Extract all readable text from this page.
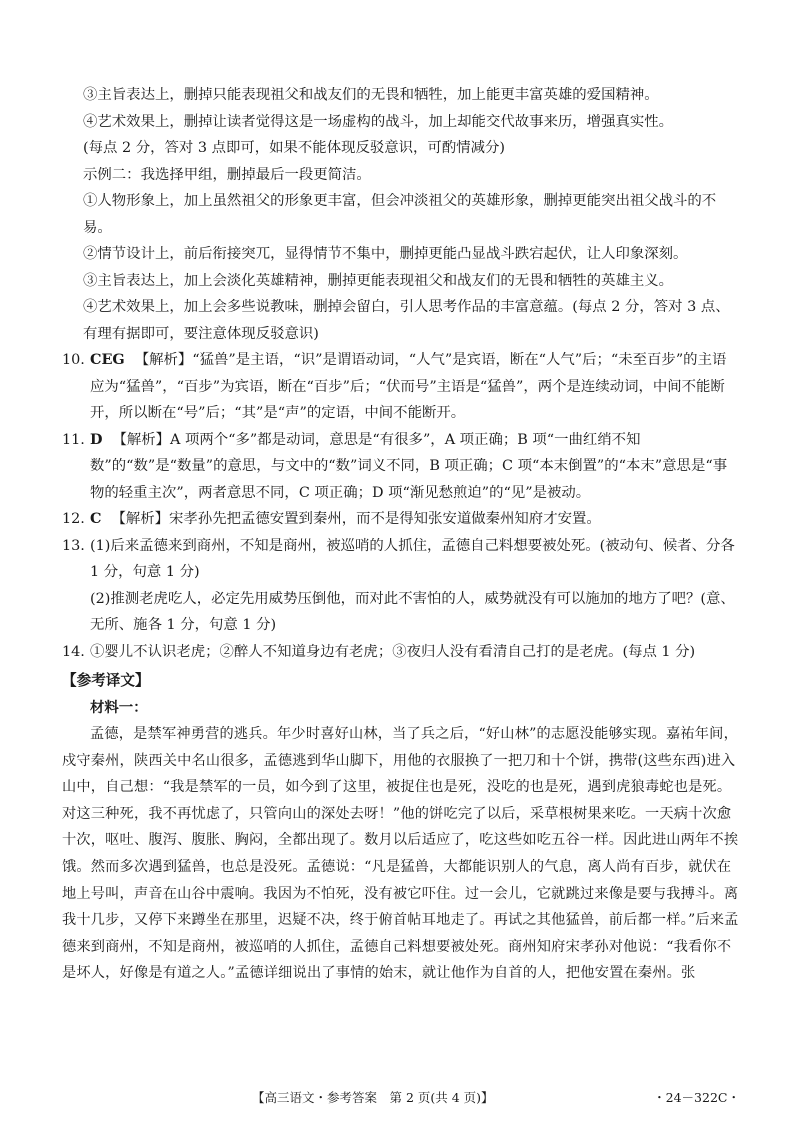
③主旨表达上，删掉只能表现祖父和战友们的无畏和牺牲，加上能更丰富英雄的爱国精神。

④艺术效果上，删掉让读者觉得这是一场虚构的战斗，加上却能交代故事来历，增强真实性。

(每点 2 分，答对 3 点即可，如果不能体现反驳意识，可酌情减分)

示例二：我选择甲组，删掉最后一段更简洁。

①人物形象上，加上虽然祖父的形象更丰富，但会冲淡祖父的英雄形象，删掉更能突出祖父战斗的不易。

②情节设计上，前后衔接突兀，显得情节不集中，删掉更能凸显战斗跌宕起伏，让人印象深刻。

③主旨表达上，加上会淡化英雄精神，删掉更能表现祖父和战友们的无畏和牺牲的英雄主义。

④艺术效果上，加上会多些说教味，删掉会留白，引人思考作品的丰富意蕴。(每点 2 分，答对 3 点、有理有据即可，要注意体现反驳意识)

10. CEG 【解析】“猛兽”是主语，“识”是谓语动词，“人气”是宾语，断在“人气”后；“未至百步”的主语应为“猛兽”，“百步”为宾语，断在“百步”后；“伏而号”主语是“猛兽”，两个是连续动词，中间不能断开，所以断在“号”后；“其”是“声”的定语，中间不能断开。
11. D 【解析】A 项两个“多”都是动词，意思是“有很多”，A 项正确；B 项“一曲红绡不知数”的“数”是“数量”的意思，与文中的“数”词义不同，B 项正确；C 项“本末倒置”的“本末”意思是“事物的轻重主次”，两者意思不同，C 项正确；D 项“渐见愁煎迫”的“见”是被动。
12. C 【解析】宋孝孙先把孟德安置到秦州，而不是得知张安道做秦州知府才安置。
13. (1)后来孟德来到商州，不知是商州，被巡哨的人抓住，孟德自己料想要被处死。(被动句、候者、分各 1 分，句意 1 分)

(2)推测老虎吃人，必定先用威势压倒他，而对此不害怕的人，威势就没有可以施加的地方了吧？(意、无所、施各 1 分，句意 1 分)

14. ①婴儿不认识老虎；②醉人不知道身边有老虎；③夜归人没有看清自己打的是老虎。(每点 1 分)
【参考译文】
材料一：

孟德，是禁军神勇营的逃兵。年少时喜好山林，当了兵之后，“好山林”的志愿没能够实现。嘉祐年间，戍守秦州，陕西关中名山很多，孟德逃到华山脚下，用他的衣服换了一把刀和十个饼，携带(这些东西)进入山中，自己想：“我是禁军的一员，如今到了这里，被捉住也是死，没吃的也是死，遇到虎狼毒蛇也是死。对这三种死，我不再忧虑了，只管向山的深处去呀！”他的饼吃完了以后，采草根树果来吃。一天病十次愈十次，呕吐、腹泻、腹胀、胸闷，全都出现了。数月以后适应了，吃这些如吃五谷一样。因此进山两年不挨饿。然而多次遇到猛兽，也总是没死。孟德说：“凡是猛兽，大都能识别人的气息，离人尚有百步，就伏在地上号叫，声音在山谷中震响。我因为不怕死，没有被它吓住。过一会儿，它就跳过来像是要与我搏斗。离我十几步，又停下来蹲坐在那里，迟疑不决，终于俯首帖耳地走了。再试之其他猛兽，前后都一样。”后来孟德来到商州，不知是商州，被巡哨的人抓住，孟德自己料想要被处死。商州知府宋孝孙对他说：“我看你不是坏人，好像是有道之人。”孟德详细说出了事情的始末，就让他作为自首的人，把他安置在秦州。张

【高三语文・参考答案　第 2 页(共 4 页)】	・24－322C・
